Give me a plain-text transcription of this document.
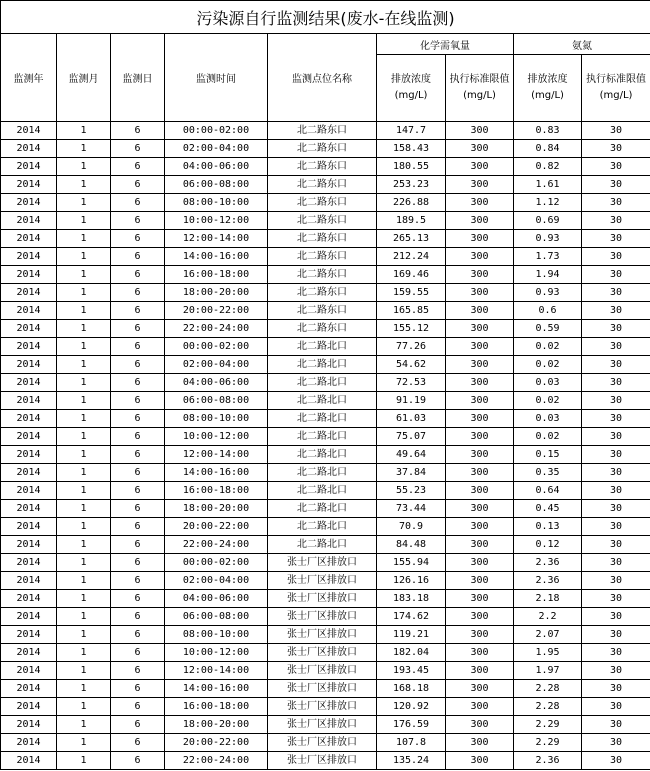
污染源自行监测结果(废水-在线监测)								
监测年	监测月	监测日	监测时间	监测点位名称	化学需氧量		氨氮	
					排放浓度(mg/L)	执行标准限值(mg/L)	排放浓度(mg/L)	执行标准限值(mg/L)
2014	1	6	00:00-02:00	北二路东口	147.7	300	0.83	30
2014	1	6	02:00-04:00	北二路东口	158.43	300	0.84	30
2014	1	6	04:00-06:00	北二路东口	180.55	300	0.82	30
2014	1	6	06:00-08:00	北二路东口	253.23	300	1.61	30
2014	1	6	08:00-10:00	北二路东口	226.88	300	1.12	30
2014	1	6	10:00-12:00	北二路东口	189.5	300	0.69	30
2014	1	6	12:00-14:00	北二路东口	265.13	300	0.93	30
2014	1	6	14:00-16:00	北二路东口	212.24	300	1.73	30
2014	1	6	16:00-18:00	北二路东口	169.46	300	1.94	30
2014	1	6	18:00-20:00	北二路东口	159.55	300	0.93	30
2014	1	6	20:00-22:00	北二路东口	165.85	300	0.6	30
2014	1	6	22:00-24:00	北二路东口	155.12	300	0.59	30
2014	1	6	00:00-02:00	北二路北口	77.26	300	0.02	30
2014	1	6	02:00-04:00	北二路北口	54.62	300	0.02	30
2014	1	6	04:00-06:00	北二路北口	72.53	300	0.03	30
2014	1	6	06:00-08:00	北二路北口	91.19	300	0.02	30
2014	1	6	08:00-10:00	北二路北口	61.03	300	0.03	30
2014	1	6	10:00-12:00	北二路北口	75.07	300	0.02	30
2014	1	6	12:00-14:00	北二路北口	49.64	300	0.15	30
2014	1	6	14:00-16:00	北二路北口	37.84	300	0.35	30
2014	1	6	16:00-18:00	北二路北口	55.23	300	0.64	30
2014	1	6	18:00-20:00	北二路北口	73.44	300	0.45	30
2014	1	6	20:00-22:00	北二路北口	70.9	300	0.13	30
2014	1	6	22:00-24:00	北二路北口	84.48	300	0.12	30
2014	1	6	00:00-02:00	张士厂区排放口	155.94	300	2.36	30
2014	1	6	02:00-04:00	张士厂区排放口	126.16	300	2.36	30
2014	1	6	04:00-06:00	张士厂区排放口	183.18	300	2.18	30
2014	1	6	06:00-08:00	张士厂区排放口	174.62	300	2.2	30
2014	1	6	08:00-10:00	张士厂区排放口	119.21	300	2.07	30
2014	1	6	10:00-12:00	张士厂区排放口	182.04	300	1.95	30
2014	1	6	12:00-14:00	张士厂区排放口	193.45	300	1.97	30
2014	1	6	14:00-16:00	张士厂区排放口	168.18	300	2.28	30
2014	1	6	16:00-18:00	张士厂区排放口	120.92	300	2.28	30
2014	1	6	18:00-20:00	张士厂区排放口	176.59	300	2.29	30
2014	1	6	20:00-22:00	张士厂区排放口	107.8	300	2.29	30
2014	1	6	22:00-24:00	张士厂区排放口	135.24	300	2.36	30
